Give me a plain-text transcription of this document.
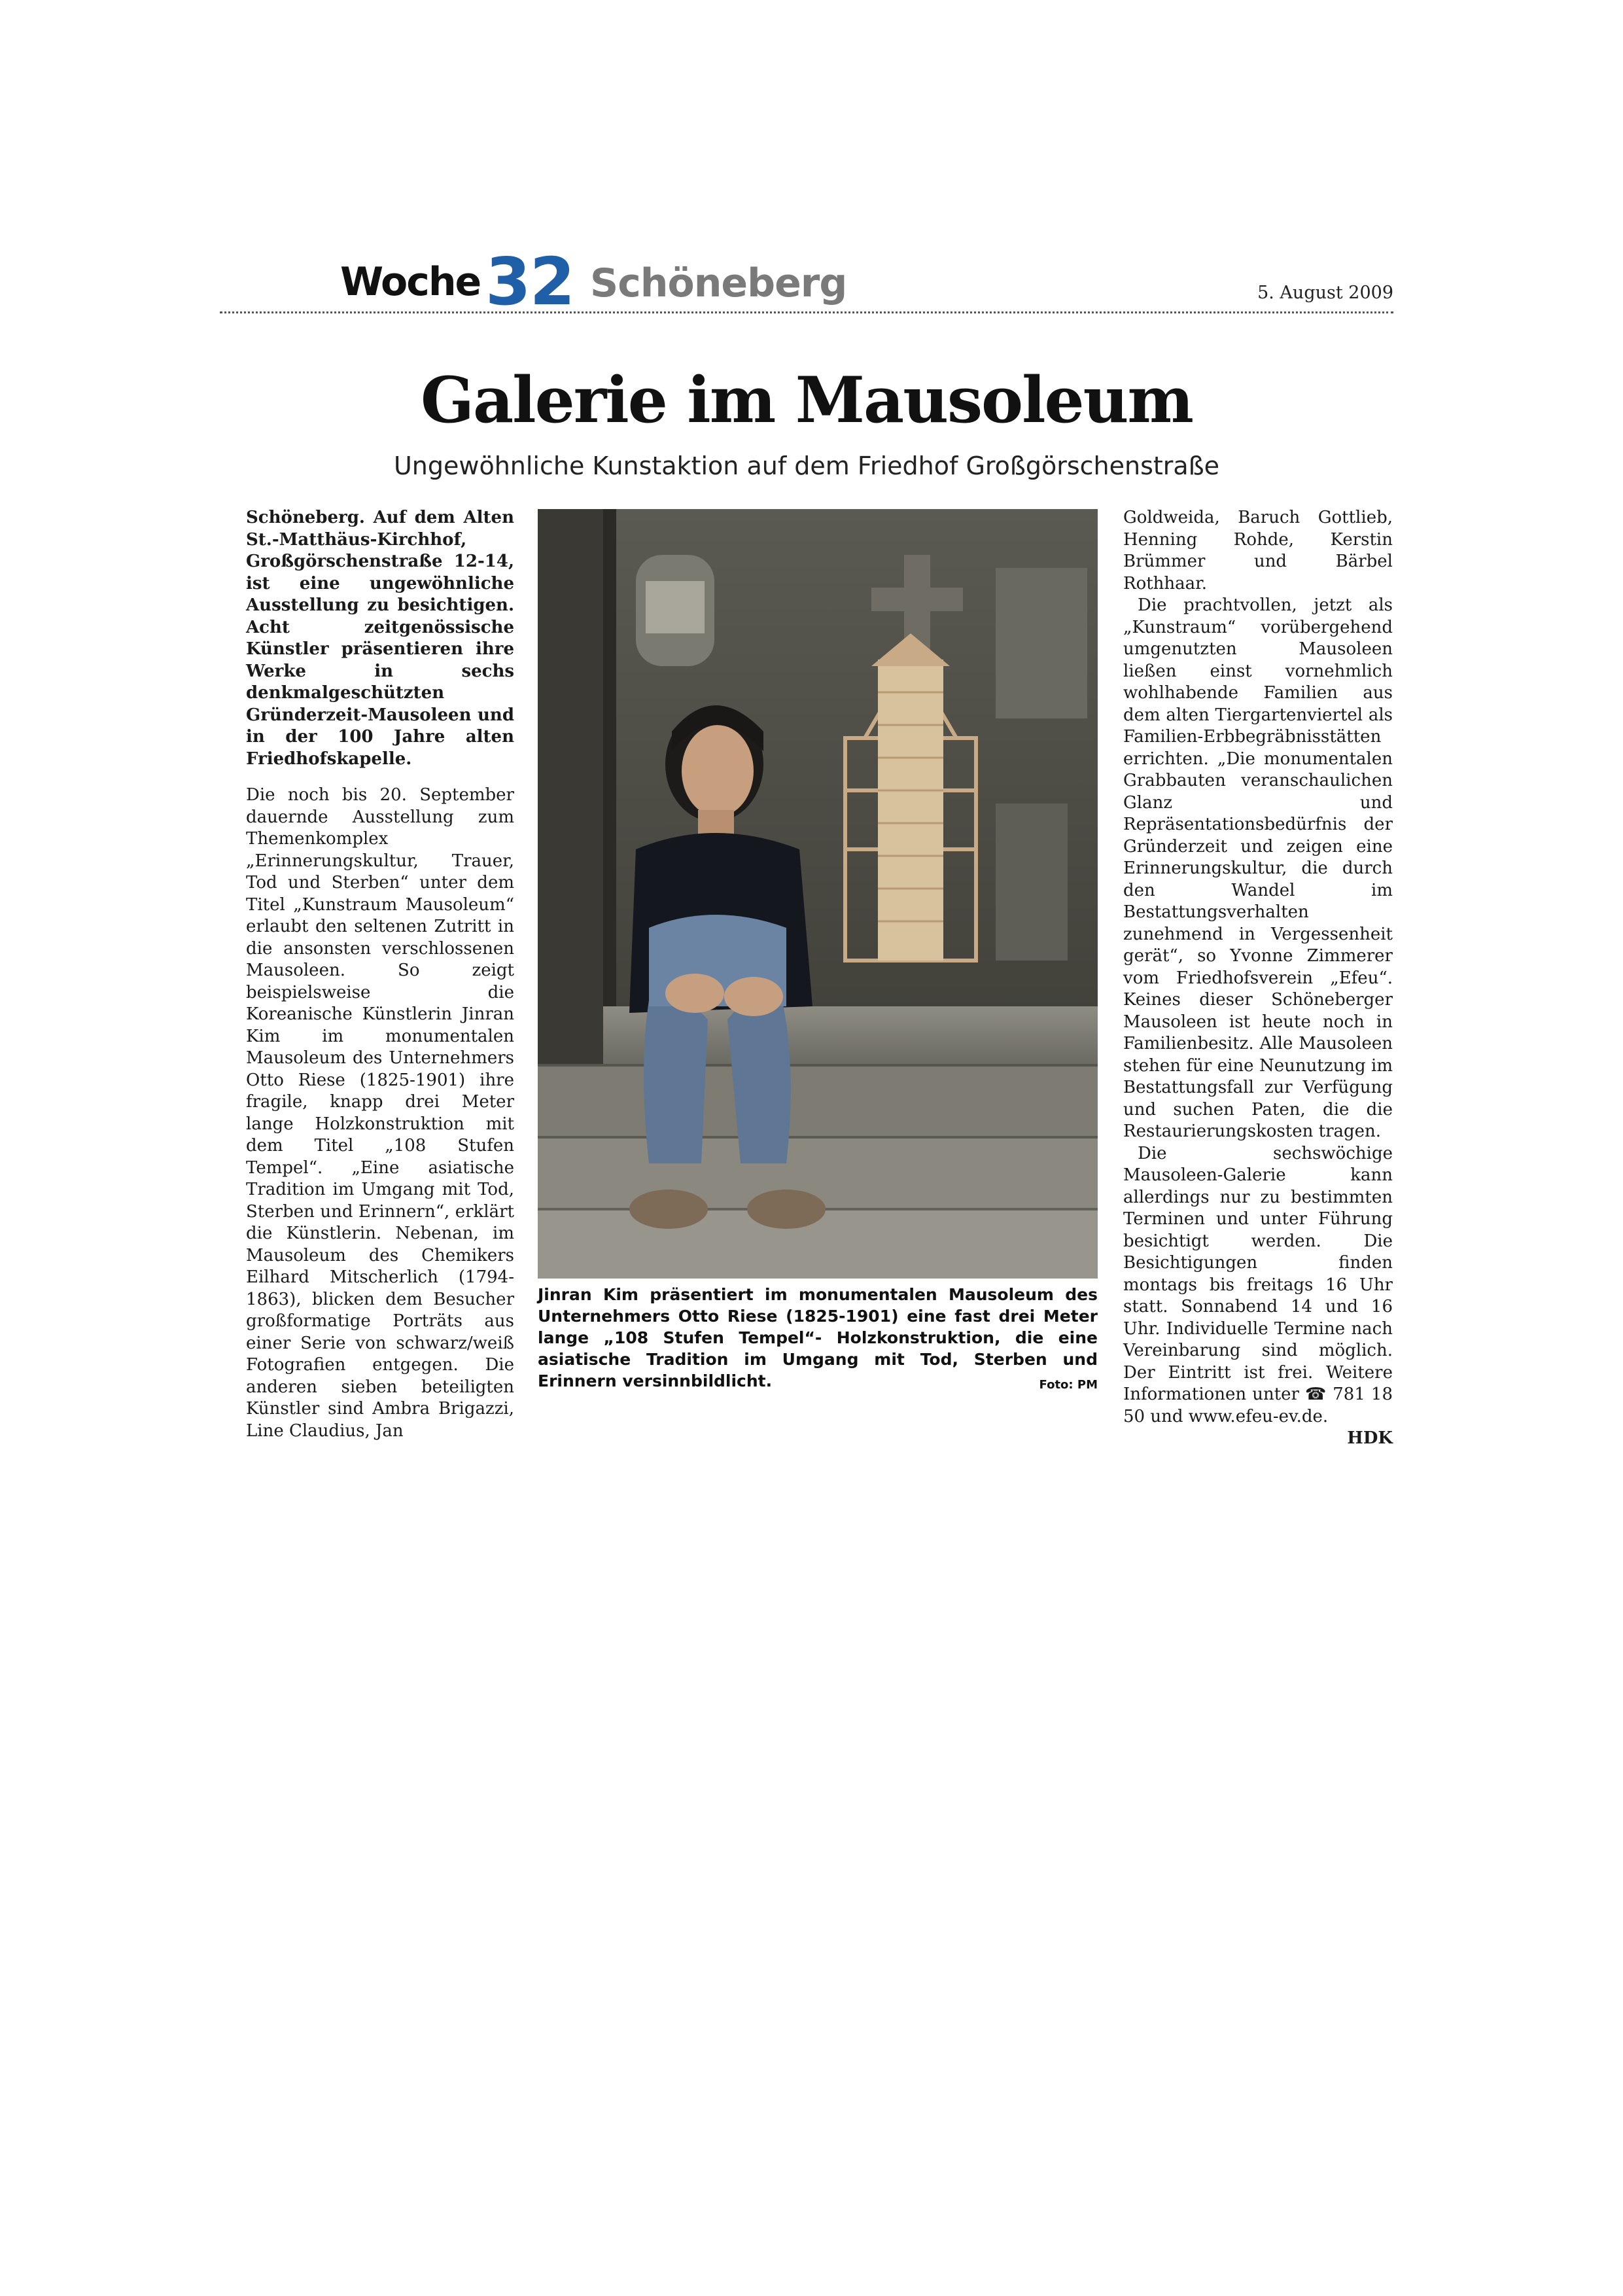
Woche 32 Schöneberg	5. August 2009
Galerie im Mausoleum
Ungewöhnliche Kunstaktion auf dem Friedhof Großgörschenstraße

Schöneberg. Auf dem Alten St.-Matthäus-Kirchhof, Großgörschenstraße 12-14, ist eine ungewöhnliche Ausstellung zu besichtigen. Acht zeitgenössische Künstler präsentieren ihre Werke in sechs denkmalgeschützten Gründerzeit-Mausoleen und in der 100 Jahre alten Friedhofskapelle.

Die noch bis 20. September dauernde Ausstellung zum Themenkomplex „Erinnerungskultur, Trauer, Tod und Sterben“ unter dem Titel „Kunstraum Mausoleum“ erlaubt den seltenen Zutritt in die ansonsten verschlossenen Mausoleen. So zeigt beispielsweise die Koreanische Künstlerin Jinran Kim im monumentalen Mausoleum des Unternehmers Otto Riese (1825-1901) ihre fragile, knapp drei Meter lange Holzkonstruktion mit dem Titel „108 Stufen Tempel“. „Eine asiatische Tradition im Umgang mit Tod, Sterben und Erinnern“, erklärt die Künstlerin. Nebenan, im Mausoleum des Chemikers Eilhard Mitscherlich (1794-1863), blicken dem Besucher großformatige Porträts aus einer Serie von schwarz/weiß Fotografien entgegen. Die anderen sieben beteiligten Künstler sind Ambra Brigazzi, Line Claudius, Jan

Jinran Kim präsentiert im monumentalen Mausoleum des Unternehmers Otto Riese (1825-1901) eine fast drei Meter lange „108 Stufen Tempel“- Holzkonstruktion, die eine asiatische Tradition im Umgang mit Tod, Sterben und Erinnern versinnbildlicht.	Foto: PM

Goldweida, Baruch Gottlieb, Henning Rohde, Kerstin Brümmer und Bärbel Rothhaar.

Die prachtvollen, jetzt als „Kunstraum“ vorübergehend umgenutzten Mausoleen ließen einst vornehmlich wohlhabende Familien aus dem alten Tiergartenviertel als Familien-Erbbegräbnisstätten errichten. „Die monumentalen Grabbauten veranschaulichen Glanz und Repräsentationsbedürfnis der Gründerzeit und zeigen eine Erinnerungskultur, die durch den Wandel im Bestattungsverhalten zunehmend in Vergessenheit gerät“, so Yvonne Zimmerer vom Friedhofsverein „Efeu“. Keines dieser Schöneberger Mausoleen ist heute noch in Familienbesitz. Alle Mausoleen stehen für eine Neunutzung im Bestattungsfall zur Verfügung und suchen Paten, die die Restaurierungskosten tragen.

Die sechswöchige Mausoleen-Galerie kann allerdings nur zu bestimmten Terminen und unter Führung besichtigt werden. Die Besichtigungen finden montags bis freitags 16 Uhr statt. Sonnabend 14 und 16 Uhr. Individuelle Termine nach Vereinbarung sind möglich. Der Eintritt ist frei. Weitere Informationen unter ☎ 781 18 50 und www.efeu-ev.de.

HDK
